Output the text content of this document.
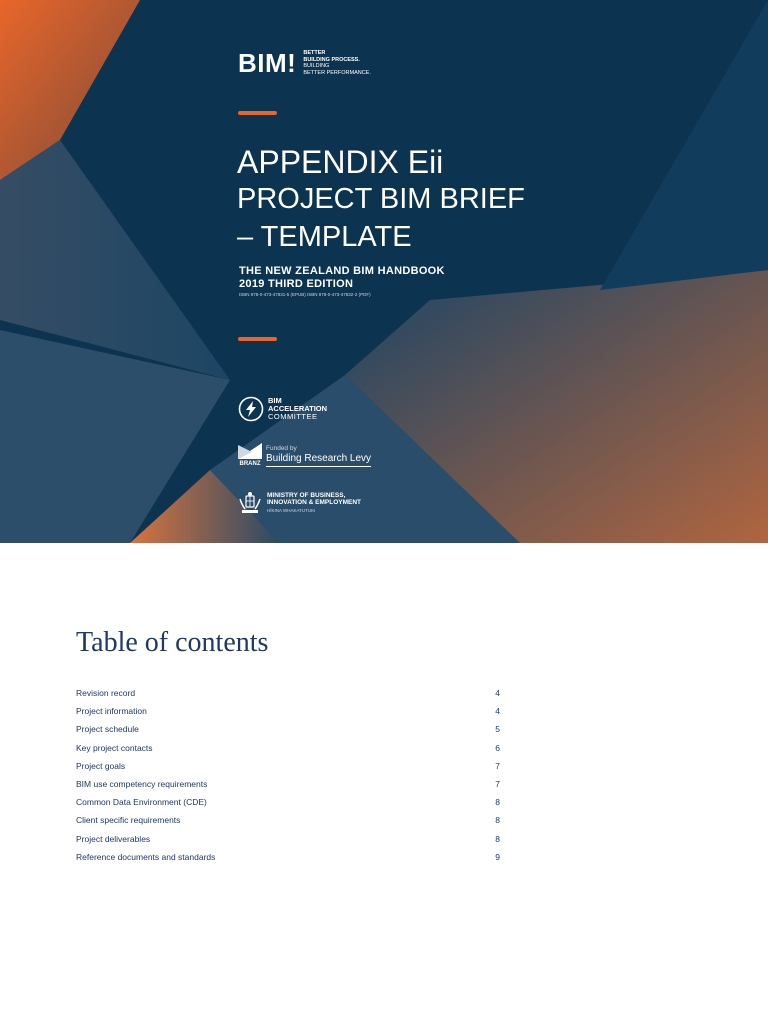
BIM! BETTER
BUILDING PROCESS.
BUILDING
BETTER PERFORMANCE.
APPENDIX Eii
PROJECT BIM BRIEF
– TEMPLATE
THE NEW ZEALAND BIM HANDBOOK
2019 THIRD EDITION
ISBN 978-0-473-47831-5 (EPUB) ISBN 978-0-473-47832-2 (PDF)
BIM
ACCELERATION
COMMITTEE
BRANZ
Funded by
Building Research Levy
MINISTRY OF BUSINESS,
INNOVATION & EMPLOYMENT
HĪKINA WHAKATUTUKI
Table of contents
Revision record	4
Project information	4
Project schedule	5
Key project contacts	6
Project goals	7
BIM use competency requirements	7
Common Data Environment (CDE)	8
Client specific requirements	8
Project deliverables	8
Reference documents and standards	9
